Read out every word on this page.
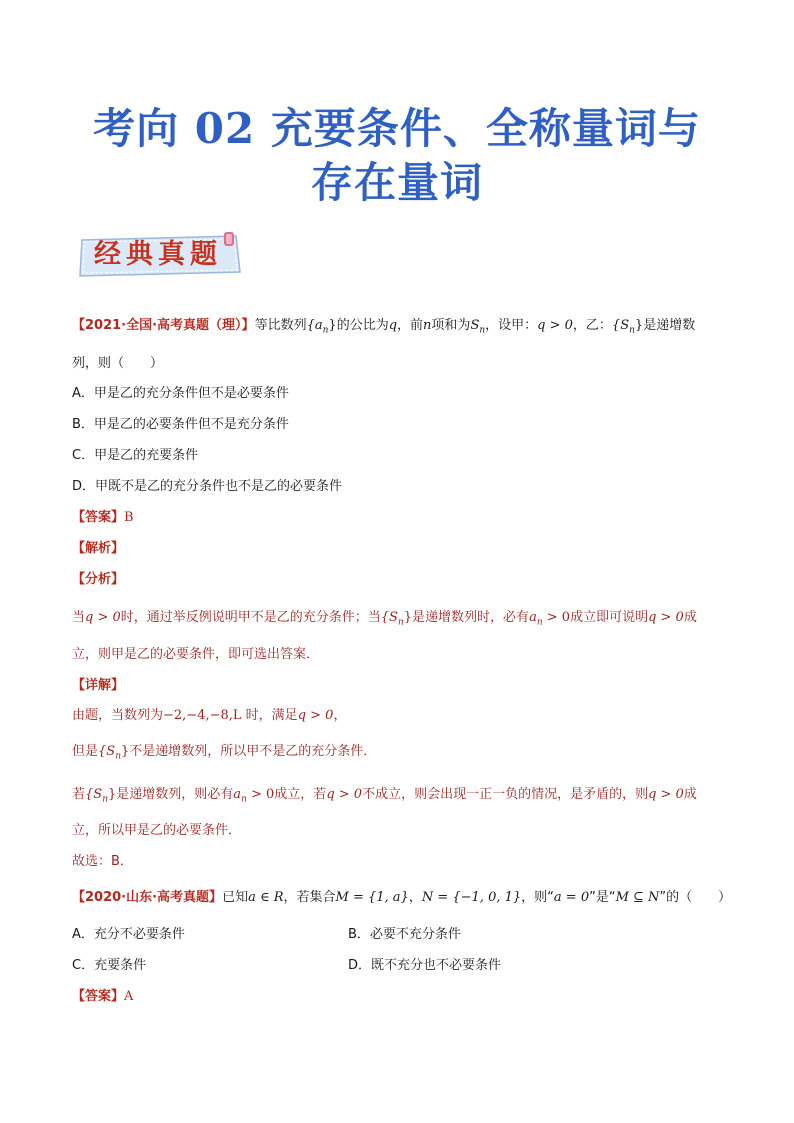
考向 02 充要条件、全称量词与
存在量词
经典真题
【2021·全国·高考真题（理）】等比数列$\{a_n\}$的公比为q，前n项和为$S_n$，设甲：q > 0，乙：$\{S_n\}$是递增数
列，则（　　）
A．甲是乙的充分条件但不是必要条件
B．甲是乙的必要条件但不是充分条件
C．甲是乙的充要条件
D．甲既不是乙的充分条件也不是乙的必要条件
【答案】B
【解析】
【分析】
当q > 0时，通过举反例说明甲不是乙的充分条件；当$\{S_n\}$是递增数列时，必有$a_n > 0$成立即可说明q > 0成
立，则甲是乙的必要条件，即可选出答案．
【详解】
由题，当数列为−2,−4,−8,L 时，满足q > 0，
但是$\{S_n\}$不是递增数列，所以甲不是乙的充分条件．
若$\{S_n\}$是递增数列，则必有$a_n > 0$成立，若q > 0不成立，则会出现一正一负的情况，是矛盾的，则q > 0成
立，所以甲是乙的必要条件．
故选：B．
【2020·山东·高考真题】已知a ∈ R，若集合M = {1, a}，N = {−1, 0, 1}，则“a = 0”是“M ⊆ N”的（　　）
A．充分不必要条件	B．必要不充分条件
C．充要条件	D．既不充分也不必要条件
【答案】A
